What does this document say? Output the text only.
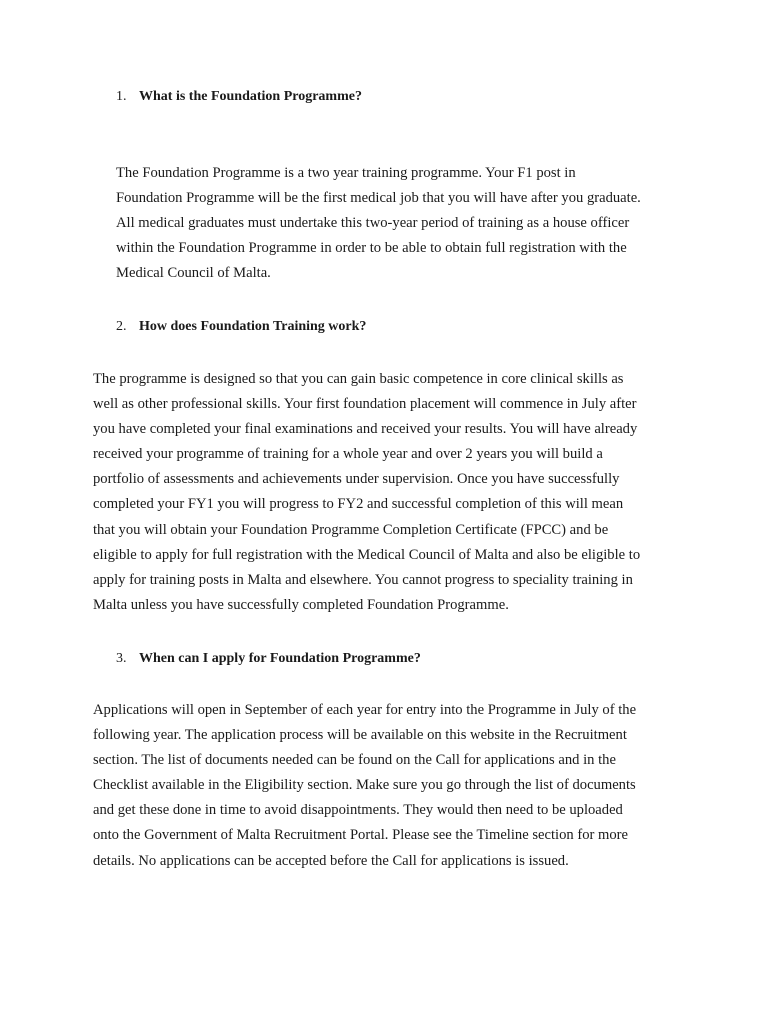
1. What is the Foundation Programme?
The Foundation Programme is a two year training programme. Your F1 post in
Foundation Programme will be the first medical job that you will have after you graduate.
All medical graduates must undertake this two-year period of training as a house officer
within the Foundation Programme in order to be able to obtain full registration with the
Medical Council of Malta.
2. How does Foundation Training work?
The programme is designed so that you can gain basic competence in core clinical skills as
well as other professional skills. Your first foundation placement will commence in July after
you have completed your final examinations and received your results. You will have already
received your programme of training for a whole year and over 2 years you will build a
portfolio of assessments and achievements under supervision. Once you have successfully
completed your FY1 you will progress to FY2 and successful completion of this will mean
that you will obtain your Foundation Programme Completion Certificate (FPCC) and be
eligible to apply for full registration with the Medical Council of Malta and also be eligible to
apply for training posts in Malta and elsewhere. You cannot progress to speciality training in
Malta unless you have successfully completed Foundation Programme.
3. When can I apply for Foundation Programme?
Applications will open in September of each year for entry into the Programme in July of the
following year. The application process will be available on this website in the Recruitment
section. The list of documents needed can be found on the Call for applications and in the
Checklist available in the Eligibility section. Make sure you go through the list of documents
and get these done in time to avoid disappointments. They would then need to be uploaded
onto the Government of Malta Recruitment Portal. Please see the Timeline section for more
details. No applications can be accepted before the Call for applications is issued.
